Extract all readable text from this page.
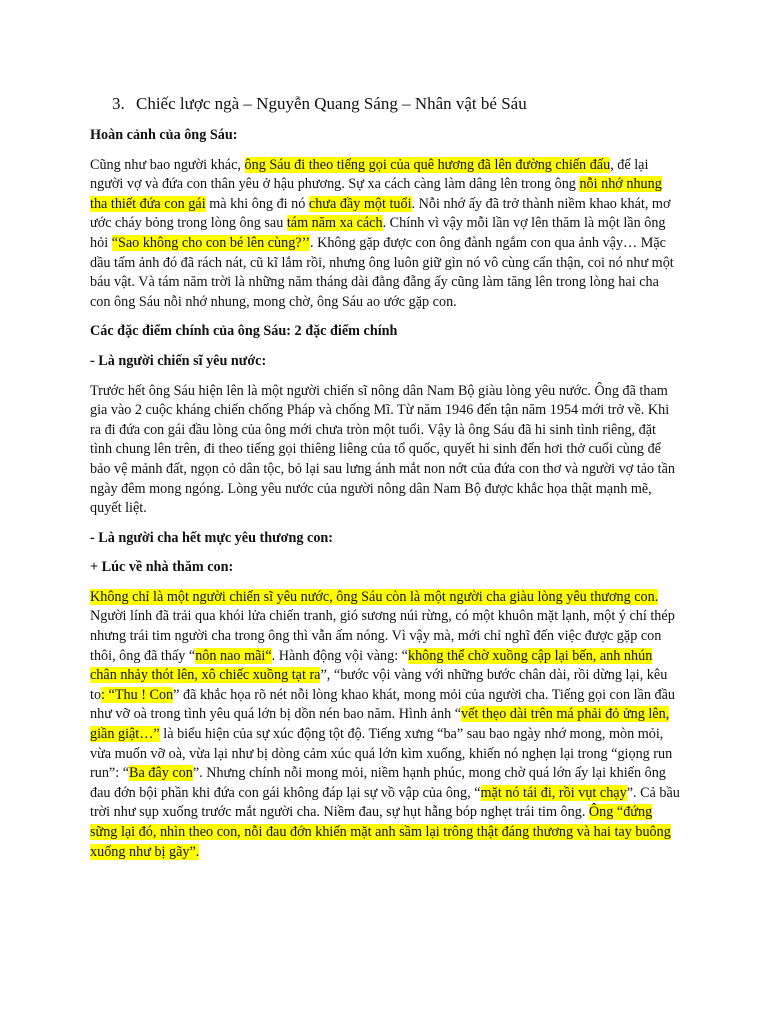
3. Chiếc lược ngà – Nguyễn Quang Sáng – Nhân vật bé Sáu
Hoàn cảnh của ông Sáu:
Cũng như bao người khác, ông Sáu đi theo tiếng gọi của quê hương đã lên đường chiến đấu, để lại người vợ và đứa con thân yêu ở hậu phương. Sự xa cách càng làm dâng lên trong ông nỗi nhớ nhung tha thiết đứa con gái mà khi ông đi nó chưa đầy một tuổi. Nỗi nhớ ấy đã trở thành niềm khao khát, mơ ước cháy bỏng trong lòng ông sau tám năm xa cách. Chính vì vậy mỗi lần vợ lên thăm là một lần ông hỏi “Sao không cho con bé lên cùng?’’. Không gặp được con ông đành ngắm con qua ảnh vậy… Mặc dầu tấm ảnh đó đã rách nát, cũ kĩ lắm rồi, nhưng ông luôn giữ gìn nó vô cùng cẩn thận, coi nó như một báu vật. Và tám năm trời là những năm tháng dài đằng đẵng ấy cũng làm tăng lên trong lòng hai cha con ông Sáu nỗi nhớ nhung, mong chờ, ông Sáu ao ước gặp con.
Các đặc điểm chính của ông Sáu: 2 đặc điểm chính
- Là người chiến sĩ yêu nước:
Trước hết ông Sáu hiện lên là một người chiến sĩ nông dân Nam Bộ giàu lòng yêu nước. Ông đã tham gia vào 2 cuộc kháng chiến chống Pháp và chống Mĩ. Từ năm 1946 đến tận năm 1954 mới trở về. Khi ra đi đứa con gái đầu lòng của ông mới chưa tròn một tuổi. Vậy là ông Sáu đã hi sinh tình riêng, đặt tình chung lên trên, đi theo tiếng gọi thiêng liêng của tổ quốc, quyết hi sinh đến hơi thở cuối cùng để bảo vệ mảnh đất, ngọn cỏ dân tộc, bỏ lại sau lưng ánh mắt non nớt của đứa con thơ và người vợ tảo tần ngày đêm mong ngóng. Lòng yêu nước của người nông dân Nam Bộ được khắc họa thật mạnh mẽ, quyết liệt.
- Là người cha hết mực yêu thương con:
+ Lúc về nhà thăm con:
Không chỉ là một người chiến sĩ yêu nước, ông Sáu còn là một người cha giàu lòng yêu thương con. Người lính đã trải qua khói lửa chiến tranh, gió sương núi rừng, có một khuôn mặt lạnh, một ý chí thép nhưng trái tim người cha trong ông thì vẫn ấm nóng. Vì vậy mà, mới chỉ nghĩ đến việc được gặp con thôi, ông đã thấy “nôn nao mãi“. Hành động vội vàng: “không thể chờ xuồng cập lại bến, anh nhún chân nhảy thót lên, xô chiếc xuồng tạt ra”, “bước vội vàng với những bước chân dài, rồi dừng lại, kêu to: “Thu ! Con” đã khắc họa rõ nét nỗi lòng khao khát, mong mỏi của người cha. Tiếng gọi con lần đầu như vỡ oà trong tình yêu quá lớn bị dồn nén bao năm. Hình ảnh “vết thẹo dài trên má phải đỏ ửng lên, giần giật…” là biểu hiện của sự xúc động tột độ. Tiếng xưng “ba” sau bao ngày nhớ mong, mòn mỏi, vừa muốn vỡ oà, vừa lại như bị dòng cảm xúc quá lớn kìm xuống, khiến nó nghẹn lại trong “giọng run run”: “Ba đây con”. Nhưng chính nỗi mong mỏi, niềm hạnh phúc, mong chờ quá lớn ấy lại khiến ông đau đớn bội phần khi đứa con gái không đáp lại sự vồ vập của ông, “mặt nó tái đi, rồi vụt chạy”. Cả bầu trời như sụp xuống trước mắt người cha. Niềm đau, sự hụt hẫng bóp nghẹt trái tim ông. Ông “đứng sững lại đó, nhìn theo con, nỗi đau đớn khiến mặt anh sầm lại trông thật đáng thương và hai tay buông xuống như bị gãy”.
